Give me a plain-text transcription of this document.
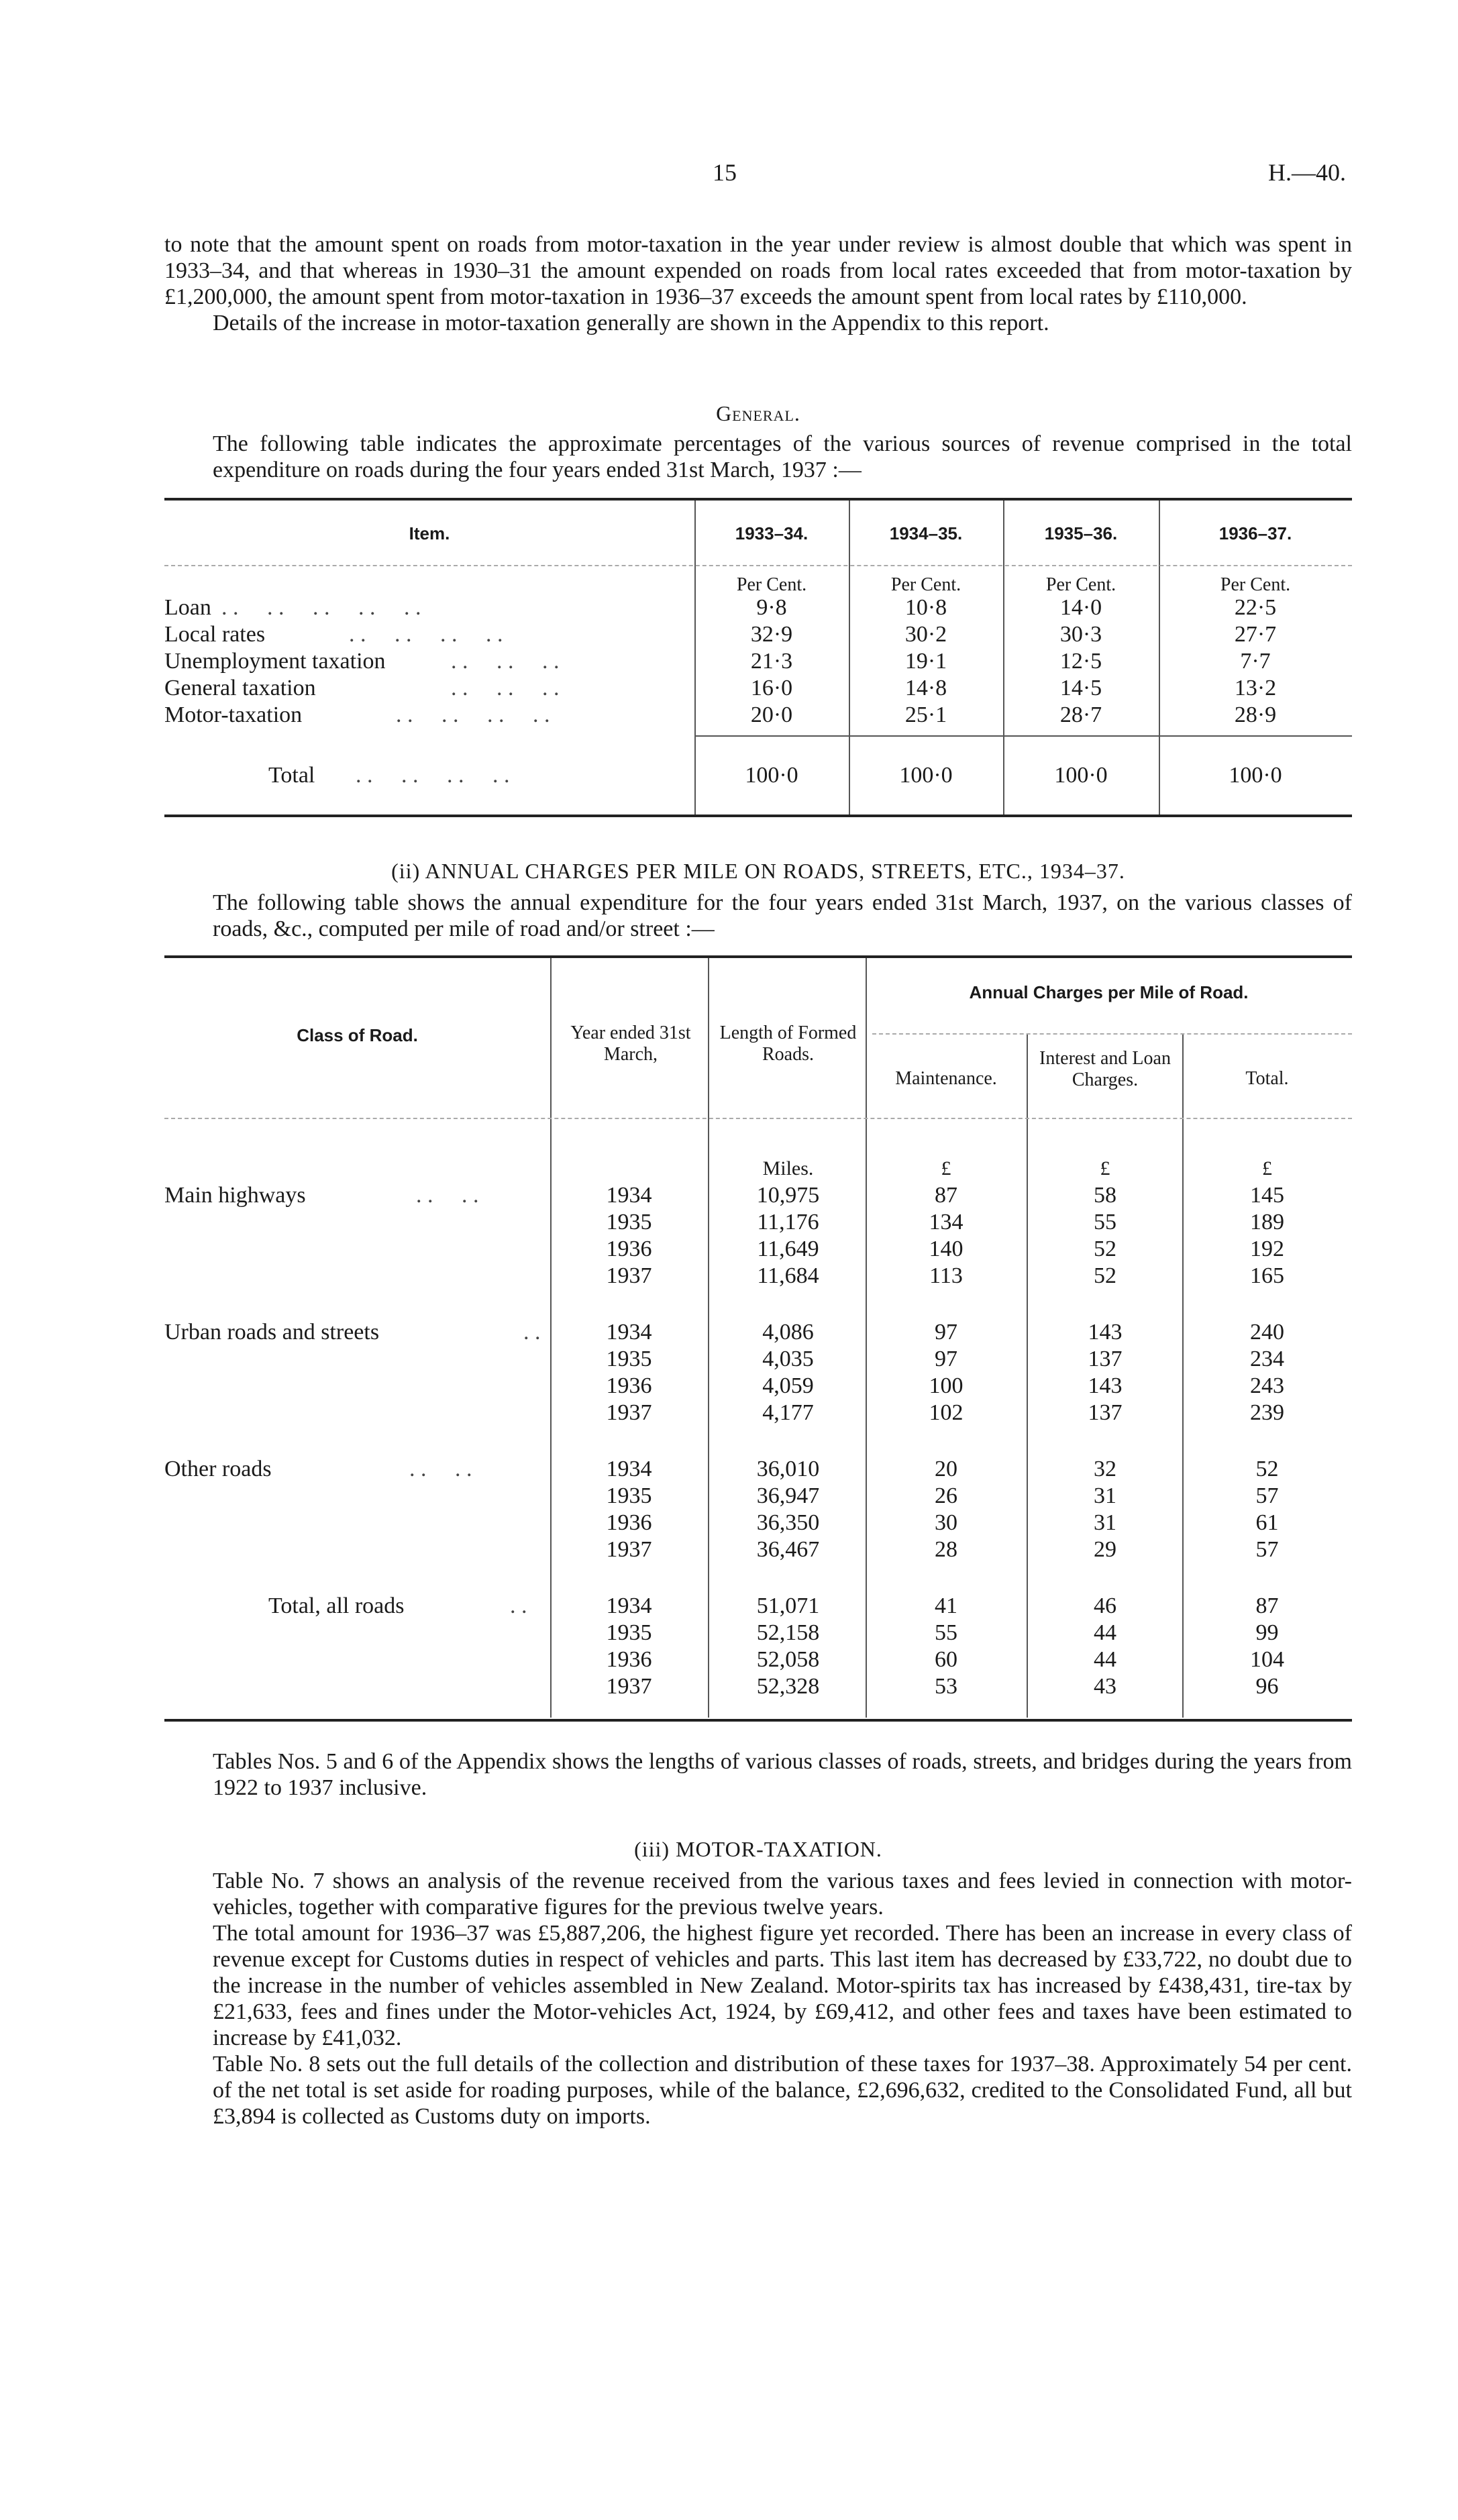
15	H.—40.
to note that the amount spent on roads from motor-taxation in the year under review is almost double that which was spent in 1933–34, and that whereas in 1930–31 the amount expended on roads from local rates exceeded that from motor-taxation by £1,200,000, the amount spent from motor-taxation in 1936–37 exceeds the amount spent from local rates by £110,000.
Details of the increase in motor-taxation generally are shown in the Appendix to this report.
General.
The following table indicates the approximate percentages of the various sources of revenue comprised in the total expenditure on roads during the four years ended 31st March, 1937 :—
Item.	1933–34.	1934–35.	1935–36.	1936–37.
Per Cent.	Per Cent.	Per Cent.	Per Cent.
Loan . .     . .     . .     . .     . .	9·8	10·8	14·0	22·5
Local rates	. .     . .     . .     . .	32·9	30·2	30·3	27·7
Unemployment taxation	. .     . .     . .	21·3	19·1	12·5	7·7
General taxation	. .     . .     . .	16·0	14·8	14·5	13·2
Motor-taxation	. .     . .     . .     . .	20·0	25·1	28·7	28·9
Total . .     . .     . .     . .	100·0	100·0	100·0	100·0
(ii) ANNUAL CHARGES PER MILE ON ROADS, STREETS, ETC., 1934–37.
The following table shows the annual expenditure for the four years ended 31st March, 1937, on the various classes of roads, &c., computed per mile of road and/or street :—
Class of Road.	Year ended 31st March,
Length of Formed Roads.
Annual Charges per Mile of Road.
Maintenance.
Interest and Loan Charges.	Total.
Miles.	£	£	£
Main highways	. .     . .	1934	10,975	87	58	145
1935	11,176	134	55	189
1936	11,649	140	52	192
1937	11,684	113	52	165
Urban roads and streets	. .	1934	4,086	97	143	240
1935	4,035	97	137	234
1936	4,059	100	143	243
1937	4,177	102	137	239
Other roads	. .     . .	1934	36,010	20	32	52
1935	36,947	26	31	57
1936	36,350	30	31	61
1937	36,467	28	29	57
Total, all roads	. .	1934	51,071	41	46	87
1935	52,158	55	44	99
1936	52,058	60	44	104
1937	52,328	53	43	96
Tables Nos. 5 and 6 of the Appendix shows the lengths of various classes of roads, streets, and bridges during the years from 1922 to 1937 inclusive.
(iii) MOTOR-TAXATION.
Table No. 7 shows an analysis of the revenue received from the various taxes and fees levied in connection with motor-vehicles, together with comparative figures for the previous twelve years.
The total amount for 1936–37 was £5,887,206, the highest figure yet recorded. There has been an increase in every class of revenue except for Customs duties in respect of vehicles and parts. This last item has decreased by £33,722, no doubt due to the increase in the number of vehicles assembled in New Zealand. Motor-spirits tax has increased by £438,431, tire-tax by £21,633, fees and fines under the Motor-vehicles Act, 1924, by £69,412, and other fees and taxes have been estimated to increase by £41,032.
Table No. 8 sets out the full details of the collection and distribution of these taxes for 1937–38. Approximately 54 per cent. of the net total is set aside for roading purposes, while of the balance, £2,696,632, credited to the Consolidated Fund, all but £3,894 is collected as Customs duty on imports.
